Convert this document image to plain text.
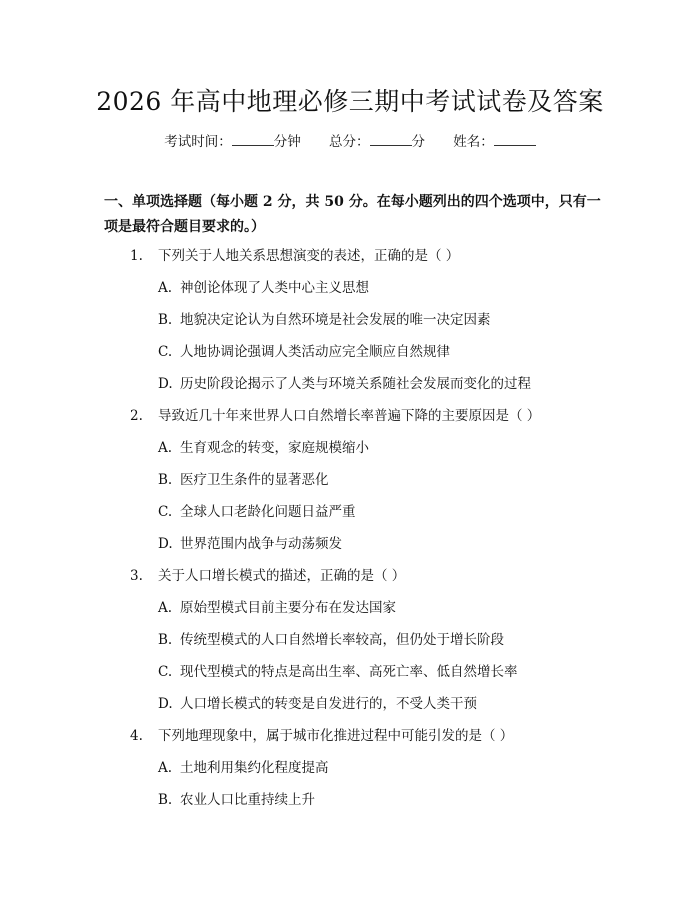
2026 年高中地理必修三期中考试试卷及答案
考试时间：	分钟 总分：	分 姓名：

一、单项选择题（每小题 2 分，共 50 分。在每小题列出的四个选项中，只有一项是最符合题目要求的。）

1. 下列关于人地关系思想演变的表述，正确的是（ ）
A. 神创论体现了人类中心主义思想
B. 地貌决定论认为自然环境是社会发展的唯一决定因素
C. 人地协调论强调人类活动应完全顺应自然规律
D. 历史阶段论揭示了人类与环境关系随社会发展而变化的过程
2. 导致近几十年来世界人口自然增长率普遍下降的主要原因是（ ）
A. 生育观念的转变，家庭规模缩小
B. 医疗卫生条件的显著恶化
C. 全球人口老龄化问题日益严重
D. 世界范围内战争与动荡频发
3. 关于人口增长模式的描述，正确的是（ ）
A. 原始型模式目前主要分布在发达国家
B. 传统型模式的人口自然增长率较高，但仍处于增长阶段
C. 现代型模式的特点是高出生率、高死亡率、低自然增长率
D. 人口增长模式的转变是自发进行的，不受人类干预
4. 下列地理现象中，属于城市化推进过程中可能引发的是（ ）
A. 土地利用集约化程度提高
B. 农业人口比重持续上升
